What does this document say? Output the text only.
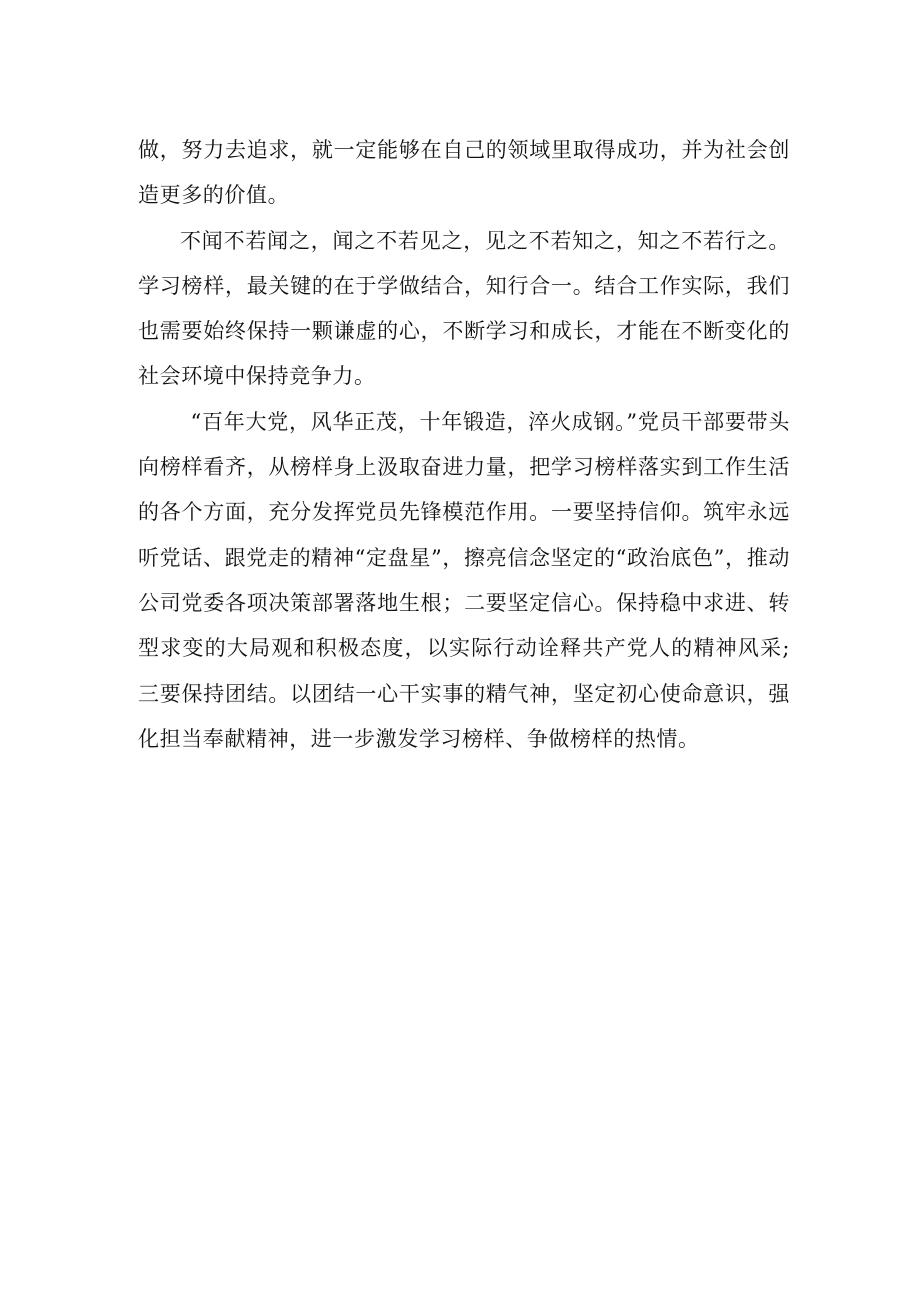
做，努力去追求，就一定能够在自己的领域里取得成功，并为社会创造更多的价值。

不闻不若闻之，闻之不若见之，见之不若知之，知之不若行之。学习榜样，最关键的在于学做结合，知行合一。结合工作实际，我们也需要始终保持一颗谦虚的心，不断学习和成长，才能在不断变化的社会环境中保持竞争力。

“百年大党，风华正茂，十年锻造，淬火成钢。”党员干部要带头向榜样看齐，从榜样身上汲取奋进力量，把学习榜样落实到工作生活的各个方面，充分发挥党员先锋模范作用。一要坚持信仰。筑牢永远听党话、跟党走的精神“定盘星”，擦亮信念坚定的“政治底色”，推动公司党委各项决策部署落地生根；二要坚定信心。保持稳中求进、转型求变的大局观和积极态度，以实际行动诠释共产党人的精神风采;三要保持团结。以团结一心干实事的精气神，坚定初心使命意识，强化担当奉献精神，进一步激发学习榜样、争做榜样的热情。
